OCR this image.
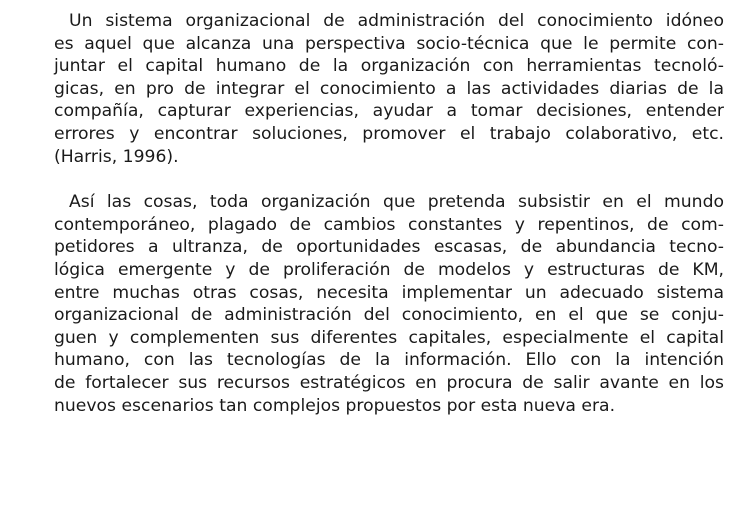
Un sistema organizacional de administración del conocimiento idóneo
es aquel que alcanza una perspectiva socio-técnica que le permite con-
juntar el capital humano de la organización con herramientas tecnoló-
gicas, en pro de integrar el conocimiento a las actividades diarias de la
compañía, capturar experiencias, ayudar a tomar decisiones, entender
errores y encontrar soluciones, promover el trabajo colaborativo, etc.
(Harris, 1996).

Así las cosas, toda organización que pretenda subsistir en el mundo
contemporáneo, plagado de cambios constantes y repentinos, de com-
petidores a ultranza, de oportunidades escasas, de abundancia tecno-
lógica emergente y de proliferación de modelos y estructuras de KM,
entre muchas otras cosas, necesita implementar un adecuado sistema
organizacional de administración del conocimiento, en el que se conju-
guen y complementen sus diferentes capitales, especialmente el capital
humano, con las tecnologías de la información. Ello con la intención
de fortalecer sus recursos estratégicos en procura de salir avante en los
nuevos escenarios tan complejos propuestos por esta nueva era.
